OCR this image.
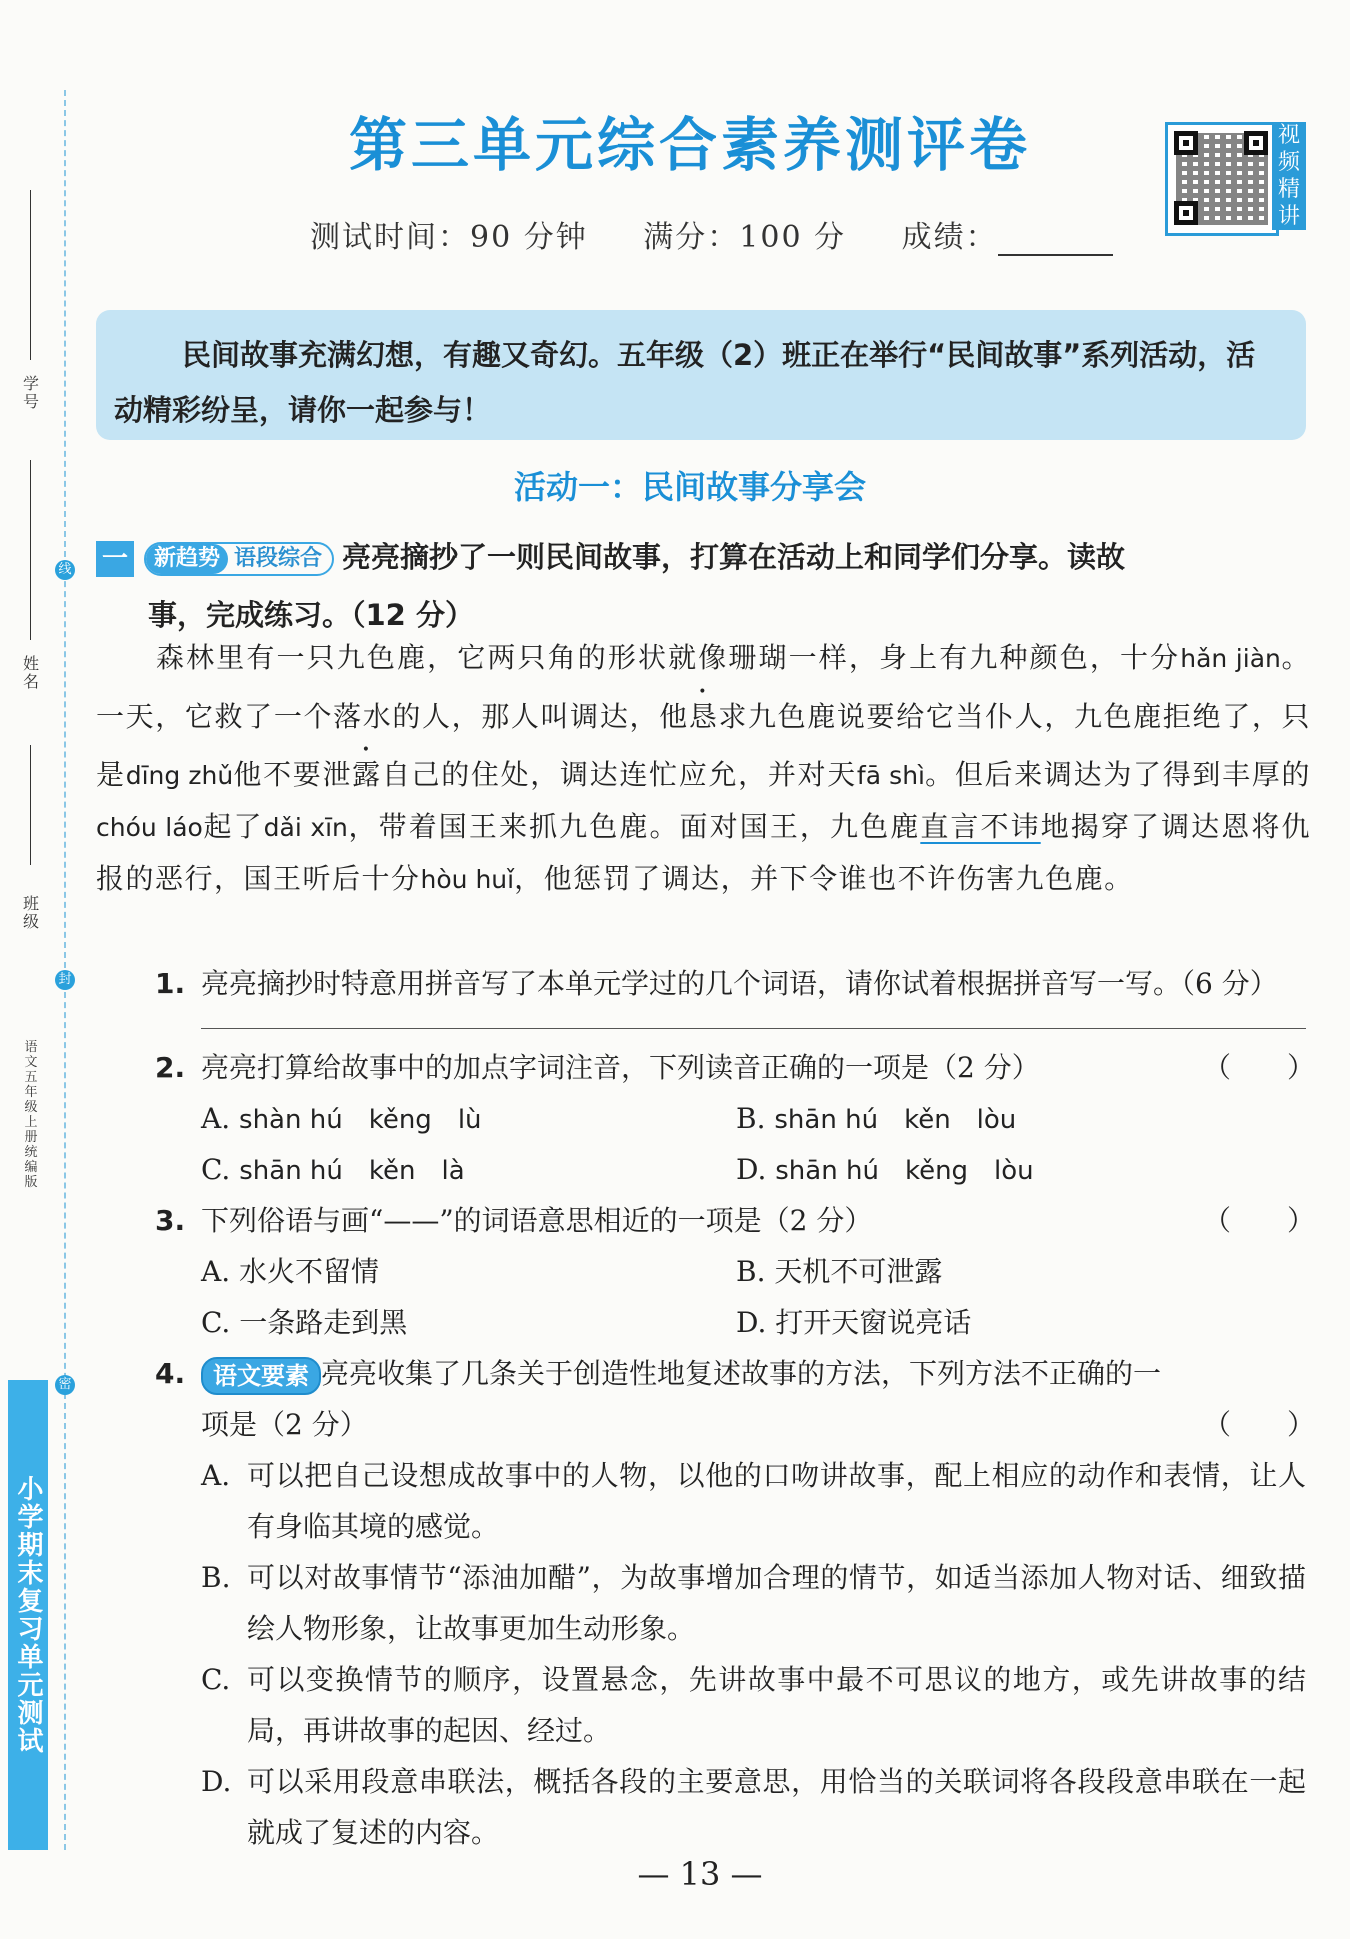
学号
姓名
班级
线
封
密
语文五年级上册统编版
小学期末复习单元测试
第三单元综合素养测评卷	视频精讲
测试时间：90 分钟 满分：100 分 成绩：
民间故事充满幻想，有趣又奇幻。五年级（2）班正在举行“民间故事”系列活动，活动精彩纷呈，请你一起参与！
活动一：民间故事分享会
一 新趋势 语段综合 亮亮摘抄了一则民间故事，打算在活动上和同学们分享。读故
事，完成练习。（12 分）

森林里有一只九色鹿，它两只角的形状就像珊瑚一样，身上有九种颜色，十分hǎn jiàn。一天，它救了一个落水的人，那人叫调达，他恳求九色鹿说要给它当仆人，九色鹿拒绝了，只是dīng zhǔ他不要泄露自己的住处，调达连忙应允，并对天fā shì。但后来调达为了得到丰厚的chóu láo起了dǎi xīn，带着国王来抓九色鹿。面对国王，九色鹿直言不讳地揭穿了调达恩将仇报的恶行，国王听后十分hòu huǐ，他惩罚了调达，并下令谁也不许伤害九色鹿。

1. 亮亮摘抄时特意用拼音写了本单元学过的几个词语，请你试着根据拼音写一写。（6 分）
2. 亮亮打算给故事中的加点字词注音，下列读音正确的一项是（2 分）	（）
A. shàn hú kěng lù	B. shān hú kěn lòu
C. shān hú kěn là	D. shān hú kěng lòu
3. 下列俗语与画“——”的词语意思相近的一项是（2 分）	（）
A. 水火不留情	B. 天机不可泄露
C. 一条路走到黑	D. 打开天窗说亮话
4.	语文要素 亮亮收集了几条关于创造性地复述故事的方法，下列方法不正确的一
项是（2 分）	（）
A. 可以把自己设想成故事中的人物，以他的口吻讲故事，配上相应的动作和表情，让人有身临其境的感觉。
B. 可以对故事情节“添油加醋”，为故事增加合理的情节，如适当添加人物对话、细致描绘人物形象，让故事更加生动形象。
C. 可以变换情节的顺序，设置悬念，先讲故事中最不可思议的地方，或先讲故事的结局，再讲故事的起因、经过。
D. 可以采用段意串联法，概括各段的主要意思，用恰当的关联词将各段段意串联在一起就成了复述的内容。
— 13 —
